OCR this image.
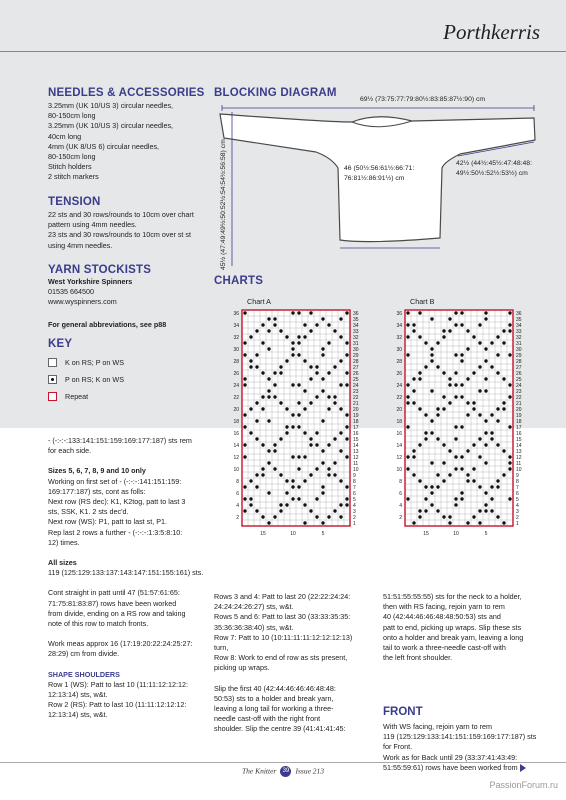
Porthkerris
NEEDLES & ACCESSORIES
3.25mm (UK 10/US 3) circular needles,
80-150cm long
3.25mm (UK 10/US 3) circular needles,
40cm long
4mm (UK 8/US 6) circular needles,
80-150cm long
Stitch holders
2 stitch markers
TENSION
22 sts and 30 rows/rounds to 10cm over chart
pattern using 4mm needles.
23 sts and 30 rows/rounds to 10cm over st st
using 4mm needles.
YARN STOCKISTS
West Yorkshire Spinners
01535 664500
www.wyspinners.com
For general abbreviations, see p88
KEY
K on RS; P on WS
P on RS; K on WS
Repeat
BLOCKING DIAGRAM
69½ (73:75:77:79:80½:83:85:87½:90) cm
45½ (47:49:49½:50:52½:54:54½:56:58) cm	46 (50½:56:61½:66:71:
76:81½:86:91½) cm
42½ (44½:45½:47:48:48:
49½:50½:52½:53½) cm
CHARTS
Chart A	Chart B
36
35
34
33
32
31
30
29
28
27
26
25
24
23
22
21
20
19
18
17
16
15
14
13
12
11
10
9
8
7
6
5
4
3
2
1
36
34
32
30
28
26
24
22
20
18
16
14
12
10
8
6
4
2
15	10	5
36
35
34
33
32
31
30
29
28
27
26
25
24
23
22
21
20
19
18
17
16
15
14
13
12
11
10
9
8
7
6
5
4
3
2
1
36
34
32
30
28
26
24
22
20
18
16
14
12
10
8
6
4
2
15	10	5

- (-:-:-:133:141:151:159:169:177:187) sts rem
for each side.

Sizes 5, 6, 7, 8, 9 and 10 only
Working on first set of - (-:-:-:141:151:159:
169:177:187) sts, cont as folls:
Next row (RS dec): K1, K2tog, patt to last 3
sts, SSK, K1. 2 sts dec'd.
Next row (WS): P1, patt to last st, P1.
Rep last 2 rows a further - (-:-:-:1:3:5:8:10:
12) times.

All sizes
119 (125:129:133:137:143:147:151:155:161) sts.

Cont straight in patt until 47 (51:57:61:65:
71:75:81:83:87) rows have been worked
from divide, ending on a RS row and taking
note of this row to match fronts.

Work meas approx 16 (17:19:20:22:24:25:27:
28:29) cm from divide.

SHAPE SHOULDERS
Row 1 (WS): Patt to last 10 (11:11:12:12:12:
12:13:14) sts, w&t.
Row 2 (RS): Patt to last 10 (11:11:12:12:12:
12:13:14) sts, w&t.

Rows 3 and 4: Patt to last 20 (22:22:24:24:
24:24:24:26:27) sts, w&t.
Rows 5 and 6: Patt to last 30 (33:33:35:35:
35:36:36:38:40) sts, w&t.
Row 7: Patt to 10 (10:11:11:11:12:12:12:13)
turn,
Row 8: Work to end of row as sts present,
picking up wraps.

Slip the first 40 (42:44:46:46:46:48:48:
50:53) sts to a holder and break yarn,
leaving a long tail for working a three-
needle cast-off with the right front
shoulder. Slip the centre 39 (41:41:41:45:

51:51:55:55:55) sts for the neck to a holder,
then with RS facing, rejoin yarn to rem
40 (42:44:46:46:48:48:50:53) sts and
patt to end, picking up wraps. Slip these sts
onto a holder and break yarn, leaving a long
tail to work a three-needle cast-off with
the left front shoulder.

FRONT
With WS facing, rejoin yarn to rem
119 (125:129:133:141:151:159:169:177:187) sts
for Front.
Work as for Back until 29 (33:37:41:43:49:
51:55:59:61) rows have been worked from
The Knitter 39 Issue 213
PassionForum.ru
